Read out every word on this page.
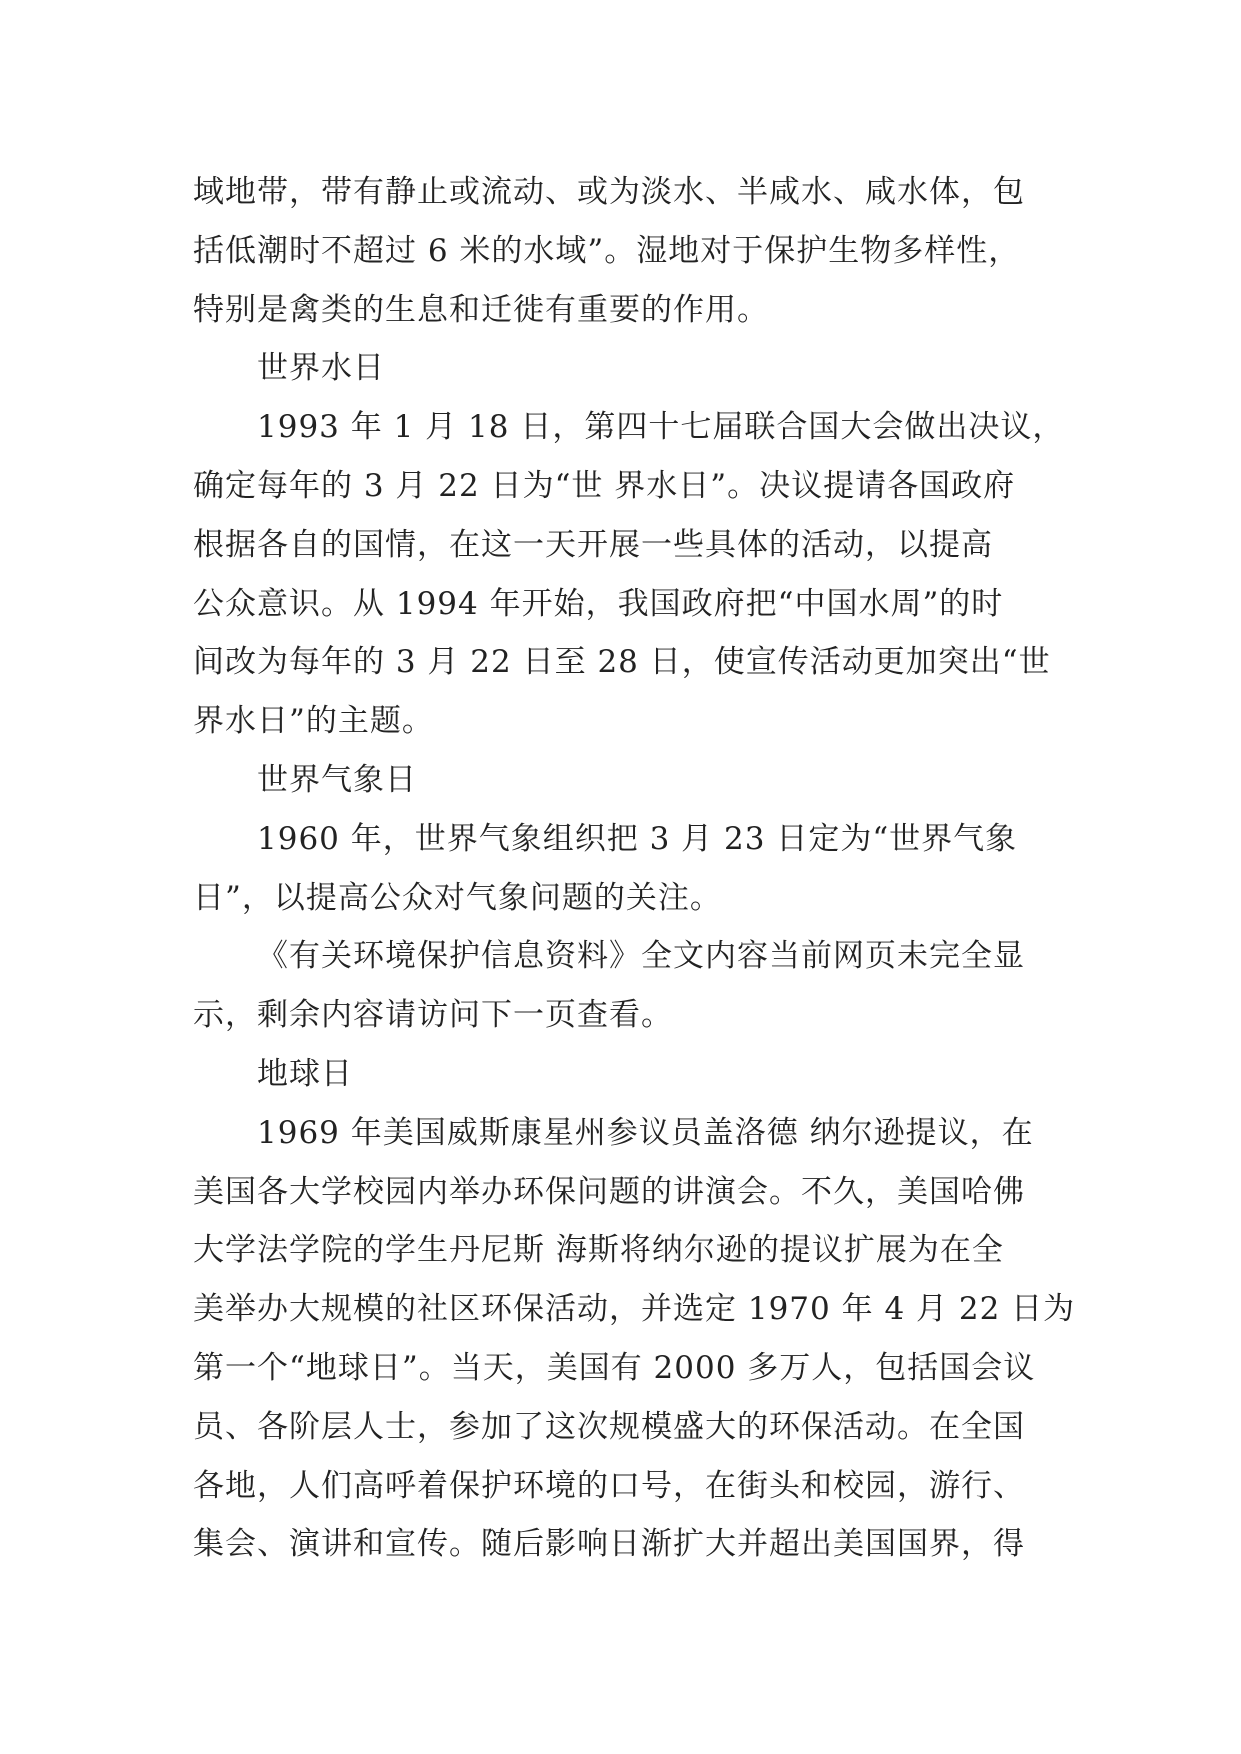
域地带，带有静止或流动、或为淡水、半咸水、咸水体，包
括低潮时不超过 6 米的水域”。湿地对于保护生物多样性，
特别是禽类的生息和迁徙有重要的作用。
世界水日
1993 年 1 月 18 日，第四十七届联合国大会做出决议，
确定每年的 3 月 22 日为“世 界水日”。决议提请各国政府
根据各自的国情，在这一天开展一些具体的活动，以提高
公众意识。从 1994 年开始，我国政府把“中国水周”的时
间改为每年的 3 月 22 日至 28 日，使宣传活动更加突出“世
界水日”的主题。
世界气象日
1960 年，世界气象组织把 3 月 23 日定为“世界气象
日”，以提高公众对气象问题的关注。
《有关环境保护信息资料》全文内容当前网页未完全显
示，剩余内容请访问下一页查看。
地球日
1969 年美国威斯康星州参议员盖洛德 纳尔逊提议，在
美国各大学校园内举办环保问题的讲演会。不久，美国哈佛
大学法学院的学生丹尼斯 海斯将纳尔逊的提议扩展为在全
美举办大规模的社区环保活动，并选定 1970 年 4 月 22 日为
第一个“地球日”。当天，美国有 2000 多万人，包括国会议
员、各阶层人士，参加了这次规模盛大的环保活动。在全国
各地，人们高呼着保护环境的口号，在街头和校园，游行、
集会、演讲和宣传。随后影响日渐扩大并超出美国国界，得
